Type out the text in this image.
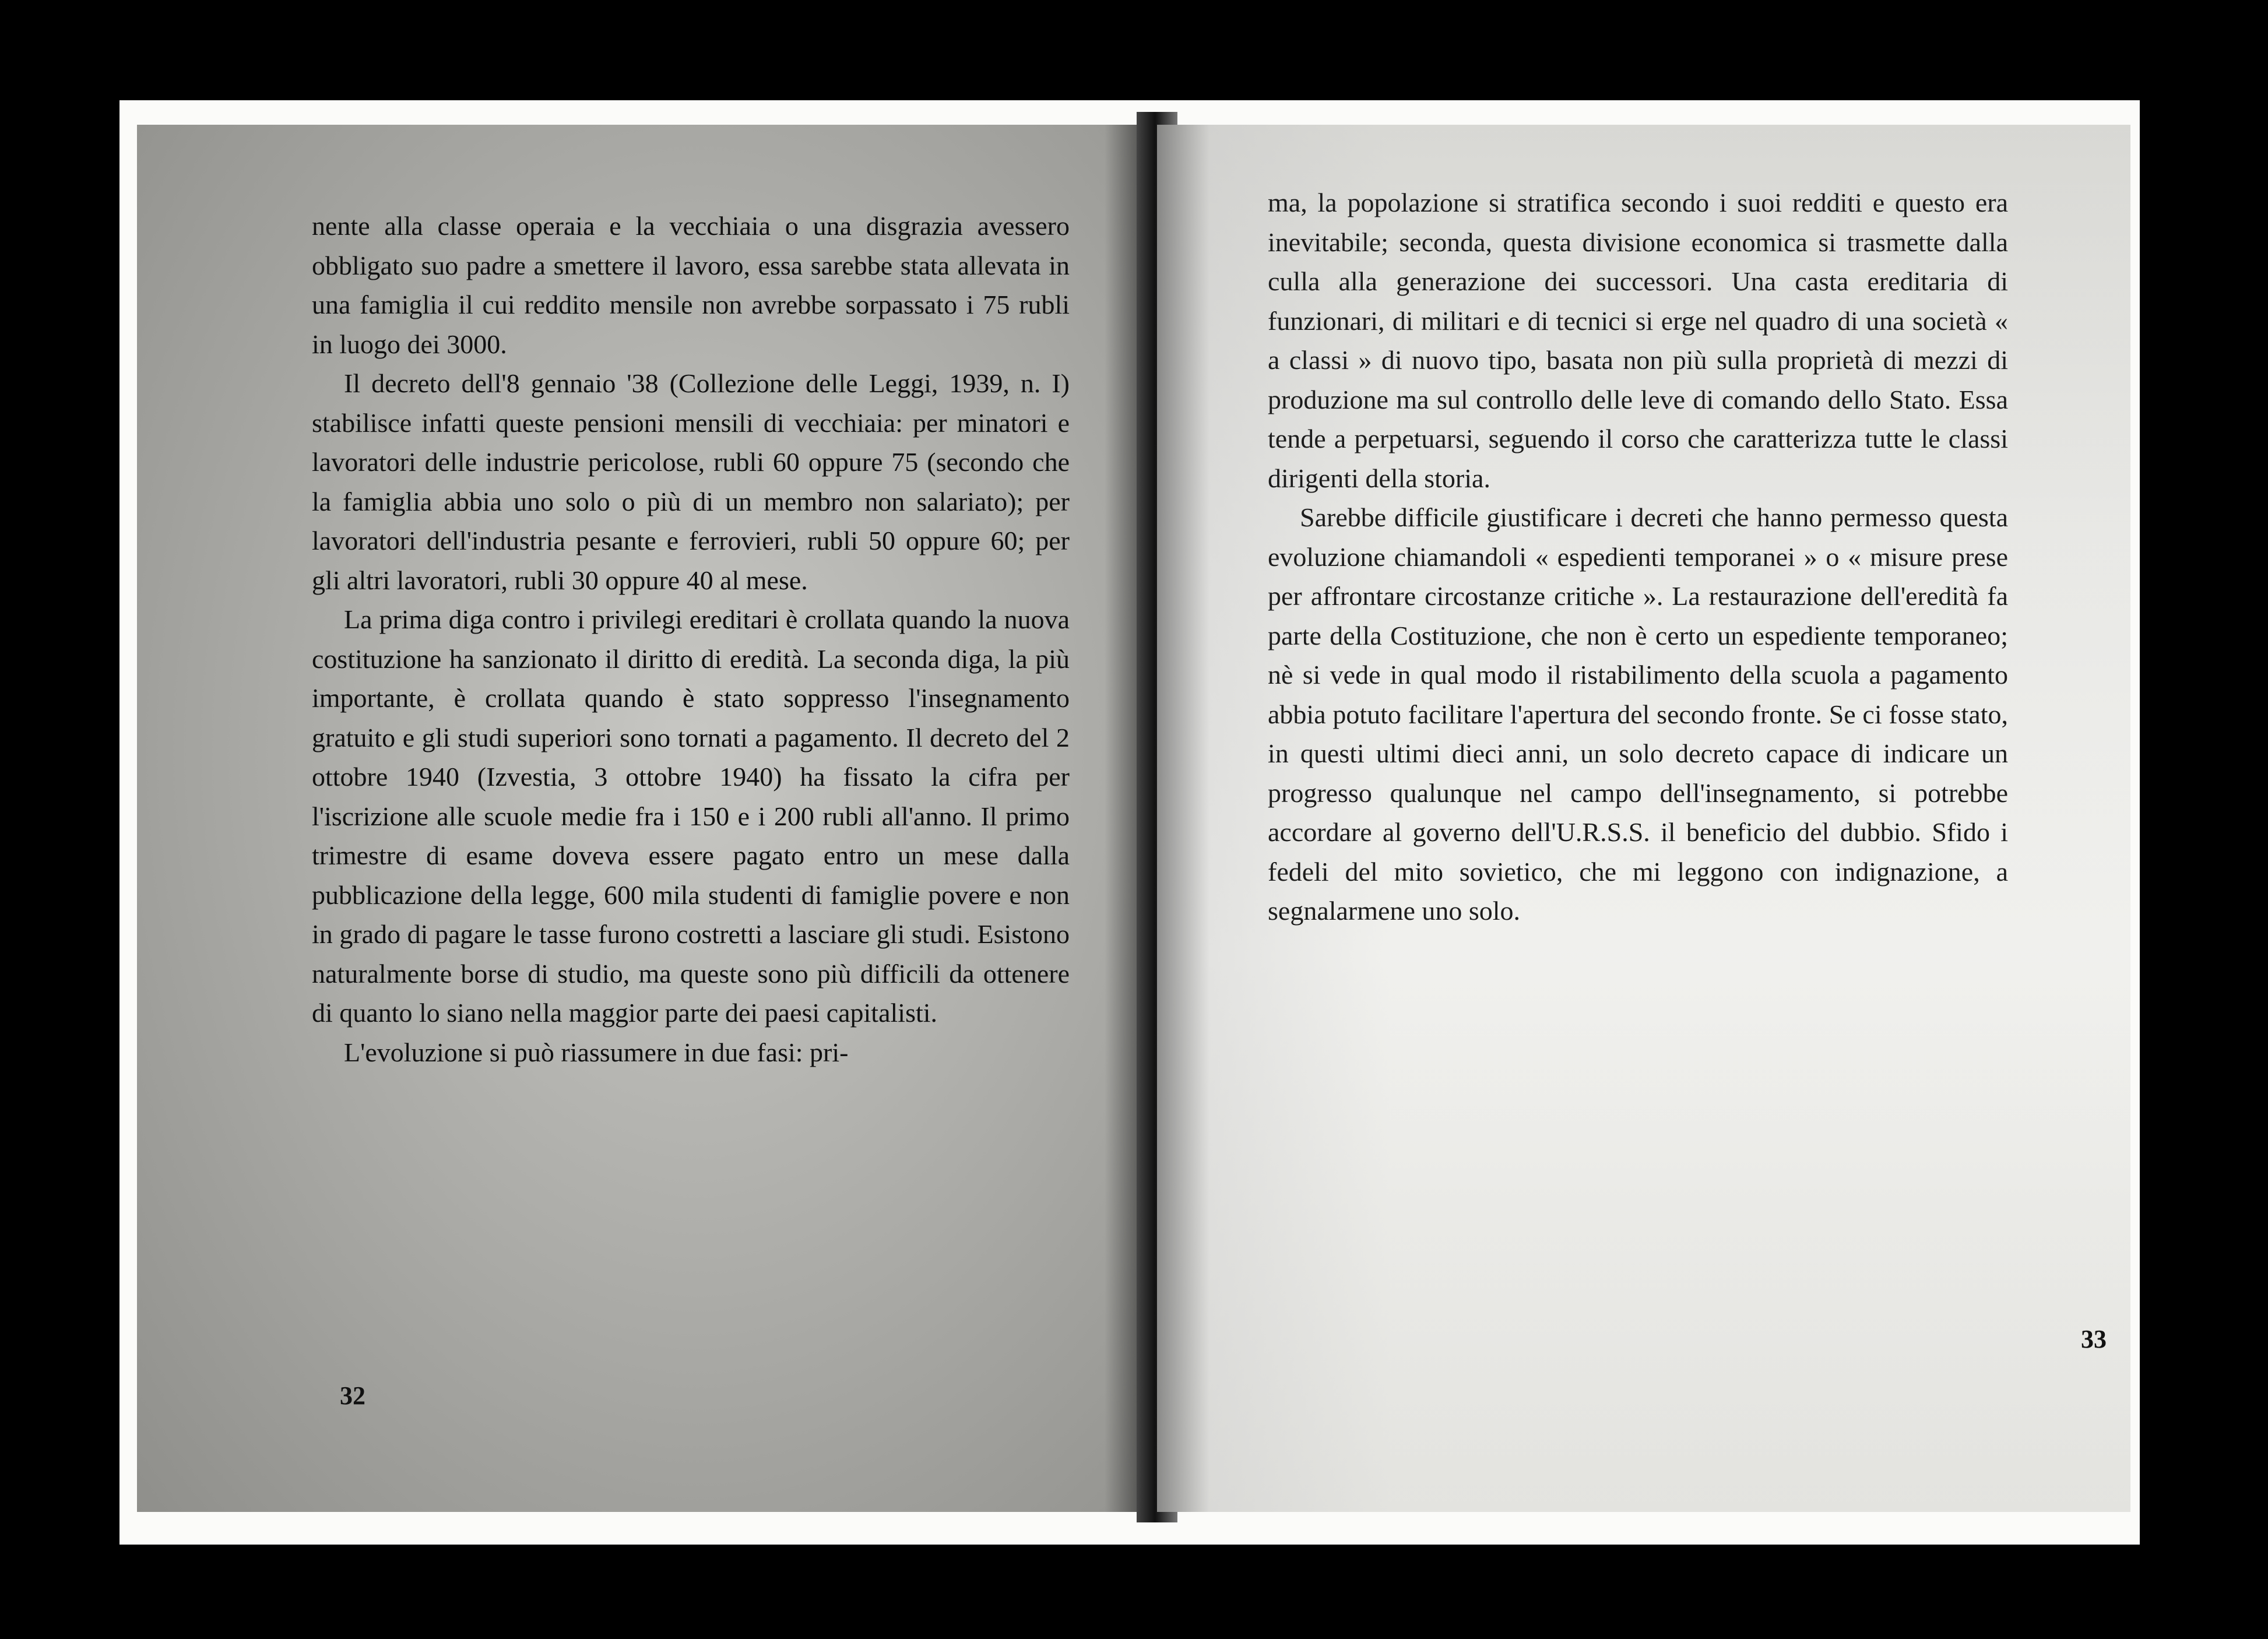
nente alla classe operaia e la vecchiaia o una disgrazia avessero obbligato suo padre a smettere il lavoro, essa sarebbe stata allevata in una famiglia il cui reddito mensile non avrebbe sorpassato i 75 rubli in luogo dei 3000.

Il decreto dell'8 gennaio '38 (Collezione delle Leggi, 1939, n. I) stabilisce infatti queste pensioni mensili di vecchiaia: per minatori e lavoratori delle industrie pericolose, rubli 60 oppure 75 (secondo che la famiglia abbia uno solo o più di un membro non salariato); per lavoratori dell'industria pesante e ferrovieri, rubli 50 oppure 60; per gli altri lavoratori, rubli 30 oppure 40 al mese.

La prima diga contro i privilegi ereditari è crollata quando la nuova costituzione ha sanzionato il diritto di eredità. La seconda diga, la più importante, è crollata quando è stato soppresso l'insegnamento gratuito e gli studi superiori sono tornati a pagamento. Il decreto del 2 ottobre 1940 (Izvestia, 3 ottobre 1940) ha fissato la cifra per l'iscrizione alle scuole medie fra i 150 e i 200 rubli all'anno. Il primo trimestre di esame doveva essere pagato entro un mese dalla pubblicazione della legge, 600 mila studenti di famiglie povere e non in grado di pagare le tasse furono costretti a lasciare gli studi. Esistono naturalmente borse di studio, ma queste sono più difficili da ottenere di quanto lo siano nella maggior parte dei paesi capitalisti.

L'evoluzione si può riassumere in due fasi: pri-

32

ma, la popolazione si stratifica secondo i suoi redditi e questo era inevitabile; seconda, questa divisione economica si trasmette dalla culla alla generazione dei successori. Una casta ereditaria di funzionari, di militari e di tecnici si erge nel quadro di una società « a classi » di nuovo tipo, basata non più sulla proprietà di mezzi di produzione ma sul controllo delle leve di comando dello Stato. Essa tende a perpetuarsi, seguendo il corso che caratterizza tutte le classi dirigenti della storia.

Sarebbe difficile giustificare i decreti che hanno permesso questa evoluzione chiamandoli « espedienti temporanei » o « misure prese per affrontare circostanze critiche ». La restaurazione dell'eredità fa parte della Costituzione, che non è certo un espediente temporaneo; nè si vede in qual modo il ristabilimento della scuola a pagamento abbia potuto facilitare l'apertura del secondo fronte. Se ci fosse stato, in questi ultimi dieci anni, un solo decreto capace di indicare un progresso qualunque nel campo dell'insegnamento, si potrebbe accordare al governo dell'U.R.S.S. il beneficio del dubbio. Sfido i fedeli del mito sovietico, che mi leggono con indignazione, a segnalarmene uno solo.

33
